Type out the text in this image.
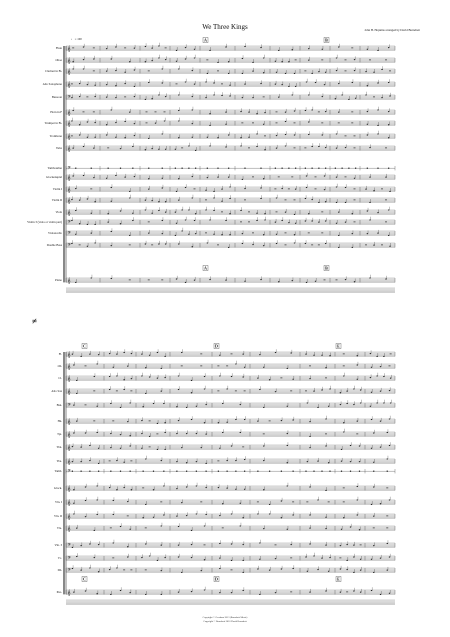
We Three Kings	John H. Hopkins arranged by David Burndrett
𝄞
Flute
𝄞
Oboe
𝄞
Clarinet in B♭
𝄞
Alto Saxophone
𝄢
Bassoon
𝄞
Horn in F
𝄞
Trumpet in B♭
𝄞
Trombone
𝄞
Tuba
𝄢
Tambourine
𝄞
Glockenspiel
𝄞
Violin I
𝄞
Violin II
𝄞
Viola
𝄢
Violin 3 (viola or violin part)
𝄢
Violoncello
𝄢
Double Bass
𝄞
Piano
A
A
B
B
♩ = 100
≠
𝄞
Fl.
𝄞
Ob.
𝄞
Cl.
𝄞
Alto Sax
𝄢
Bsn.
𝄞
Hn.
𝄞
Tpt.
𝄞
Tbn.
𝄞
Tba.
𝄢
Tamb.
𝄞
Glock.
𝄞
Vln. I
𝄞
Vln. II
𝄞
Vla.
𝄢
Vln. 3
𝄢
Vc.
𝄢
Db.
𝄞
Pno.
C
C
D
D
E
E
Copyright © Gresham 2013 (Burndrett Music)
Copyright © Burndrett 2016 David Burndrett
